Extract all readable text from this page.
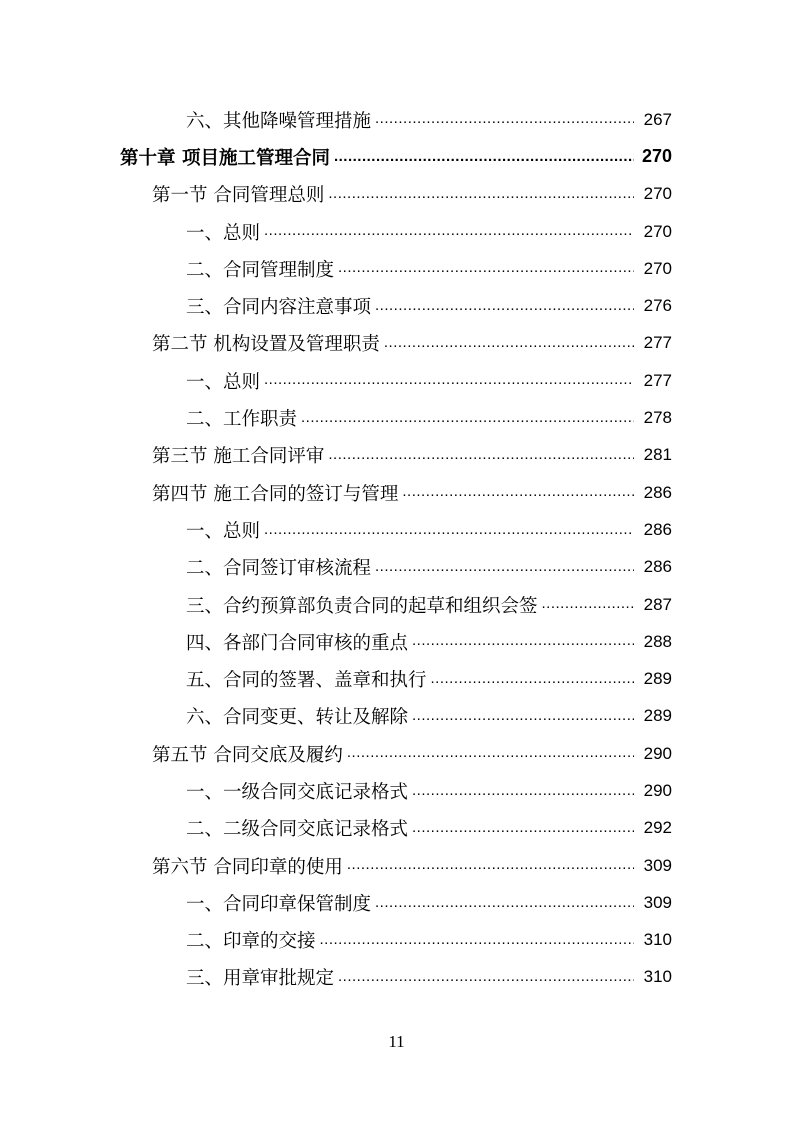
六、其他降噪管理措施 .....	267
第十章 项目施工管理合同 .....	270
第一节 合同管理总则 .....	270
一、总则 .....	270
二、合同管理制度 .....	270
三、合同内容注意事项 .....	276
第二节 机构设置及管理职责 .....	277
一、总则 .....	277
二、工作职责 .....	278
第三节 施工合同评审 .....	281
第四节 施工合同的签订与管理 .....	286
一、总则 .....	286
二、合同签订审核流程 .....	286
三、合约预算部负责合同的起草和组织会签 .....	287
四、各部门合同审核的重点 .....	288
五、合同的签署、盖章和执行 .....	289
六、合同变更、转让及解除 .....	289
第五节 合同交底及履约 .....	290
一、一级合同交底记录格式 .....	290
二、二级合同交底记录格式 .....	292
第六节 合同印章的使用 .....	309
一、合同印章保管制度 .....	309
二、印章的交接 .....	310
三、用章审批规定 .....	310
11
